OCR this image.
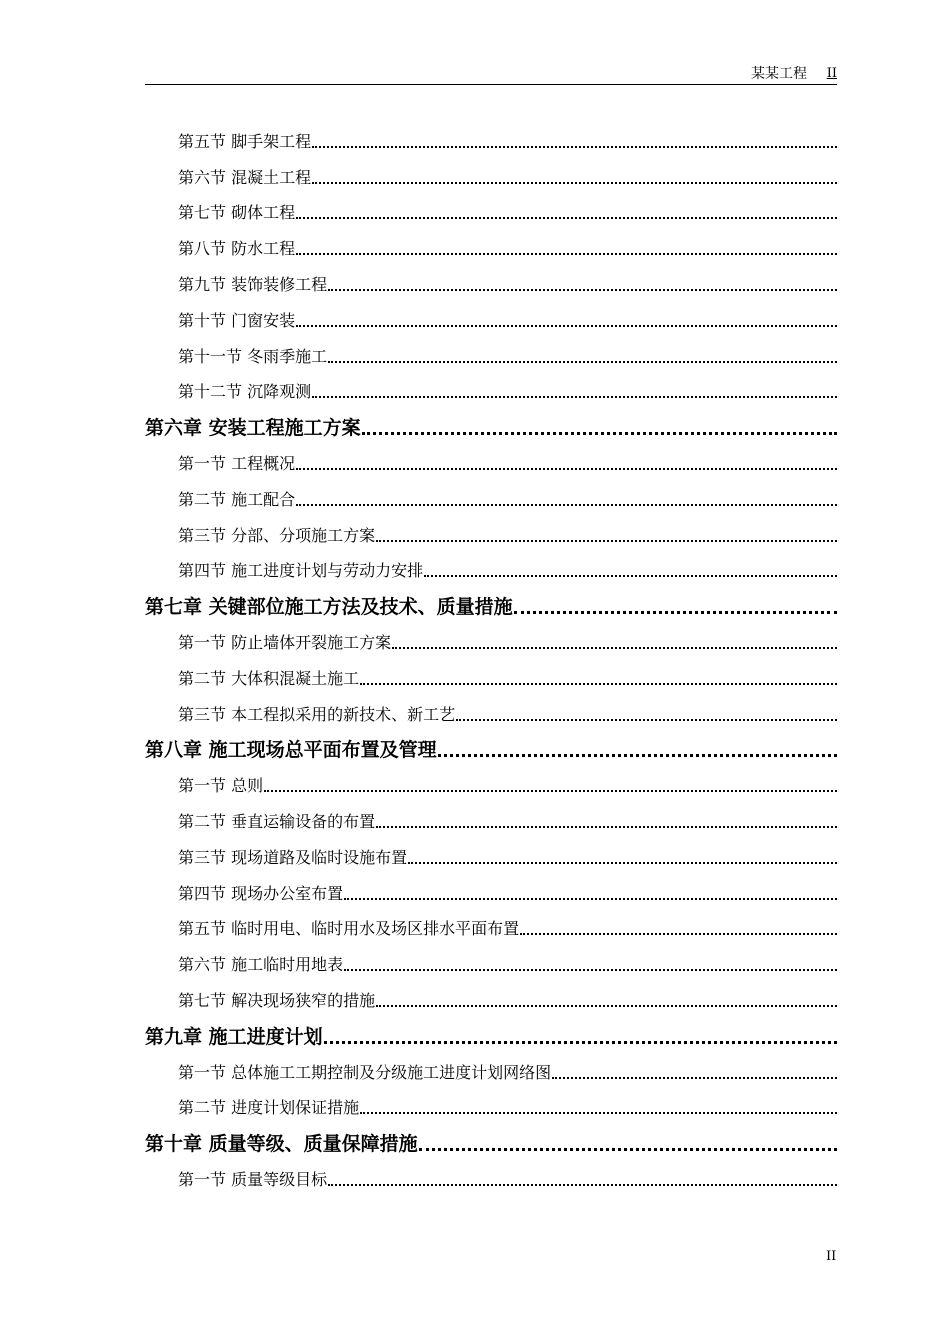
某某工程 II
第五节 脚手架工程
第六节 混凝土工程
第七节 砌体工程
第八节 防水工程
第九节 装饰装修工程
第十节 门窗安装
第十一节 冬雨季施工
第十二节 沉降观测
第六章 安装工程施工方案
第一节 工程概况
第二节 施工配合
第三节 分部、分项施工方案
第四节 施工进度计划与劳动力安排
第七章 关键部位施工方法及技术、质量措施
第一节 防止墙体开裂施工方案
第二节 大体积混凝土施工
第三节 本工程拟采用的新技术、新工艺
第八章 施工现场总平面布置及管理
第一节 总则
第二节 垂直运输设备的布置
第三节 现场道路及临时设施布置
第四节 现场办公室布置
第五节 临时用电、临时用水及场区排水平面布置
第六节 施工临时用地表
第七节 解决现场狭窄的措施
第九章 施工进度计划
第一节 总体施工工期控制及分级施工进度计划网络图
第二节 进度计划保证措施
第十章 质量等级、质量保障措施
第一节 质量等级目标
II
